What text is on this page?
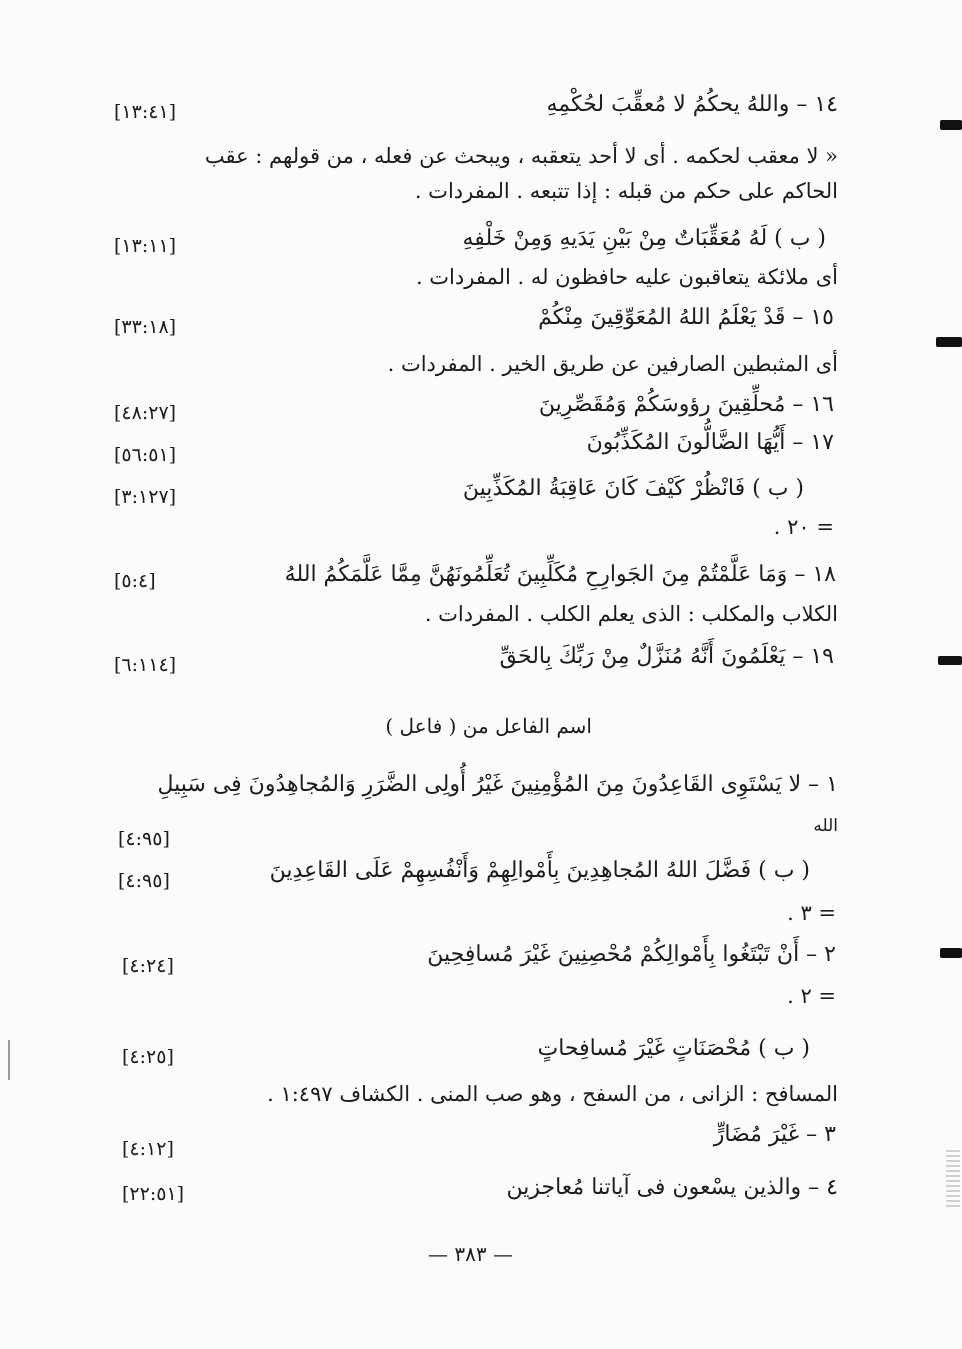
١٤ – واللهُ يحكُمُ لا مُعقِّبَ لحُكْمِهِ
« لا معقب لحكمه . أى لا أحد يتعقبه ، ويبحث عن فعله ، من قولهم : عقب
الحاكم على حكم من قبله : إذا تتبعه . المفردات .
( ب ) لَهُ مُعَقِّبَاتٌ مِنْ بَيْنِ يَدَيهِ وَمِنْ خَلْفِهِ
أى ملائكة يتعاقبون عليه حافظون له . المفردات .
١٥ – قَدْ يَعْلَمُ اللهُ المُعَوِّقِينَ مِنْكُمْ
أى المثبطين الصارفين عن طريق الخير . المفردات .
١٦ – مُحلِّقِينَ رؤوسَكُمْ وَمُقَصِّرِينَ
١٧ – أَيُّهَا الضَّالُّونَ المُكَذِّبُونَ
( ب ) فَانْظُرْ كَيْفَ كَانَ عَاقِبَةُ المُكَذِّبِينَ
= ٢٠ .
١٨ – وَمَا عَلَّمْتُمْ مِنَ الجَوارِحِ مُكَلِّبِينَ تُعَلِّمُونَهُنَّ مِمَّا عَلَّمَكُمُ اللهُ
الكلاب والمكلب : الذى يعلم الكلب . المفردات .
١٩ – يَعْلَمُونَ أَنَّهُ مُنَزَّلٌ مِنْ رَبِّكَ بِالحَقِّ
اسم الفاعل من ( فاعل )
١ – لا يَسْتَوِى القَاعِدُونَ مِنَ المُؤْمِنِينَ غَيْرُ أُولِى الضَّرَرِ وَالمُجاهِدُونَ فِى سَبِيلِ
الله
( ب ) فَضَّلَ اللهُ المُجاهِدِينَ بِأَمْوالِهِمْ وَأَنْفُسِهِمْ عَلَى القَاعِدِينَ
= ٣ .
٢ – أَنْ تَبْتَغُوا بِأَمْوالِكُمْ مُحْصِنِينَ غَيْرَ مُسافِحِينَ
= ٢ .
( ب ) مُحْصَنَاتٍ غَيْرَ مُسافِحاتٍ
المسافح : الزانى ، من السفح ، وهو صب المنى . الكشاف ١:٤٩٧ .
٣ – غَيْرَ مُضَارٍّ
٤ – والذين يسْعون فى آياتنا مُعاجزين
[١٣:٤١]
[١٣:١١]
[٣٣:١٨]
[٤٨:٢٧]
[٥٦:٥١]
[٣:١٢٧]
[٥:٤]
[٦:١١٤]
[٤:٩٥]
[٤:٩٥]
[٤:٢٤]
[٤:٢٥]
[٤:١٢]
[٢٢:٥١]
— ٣٨٣ —
